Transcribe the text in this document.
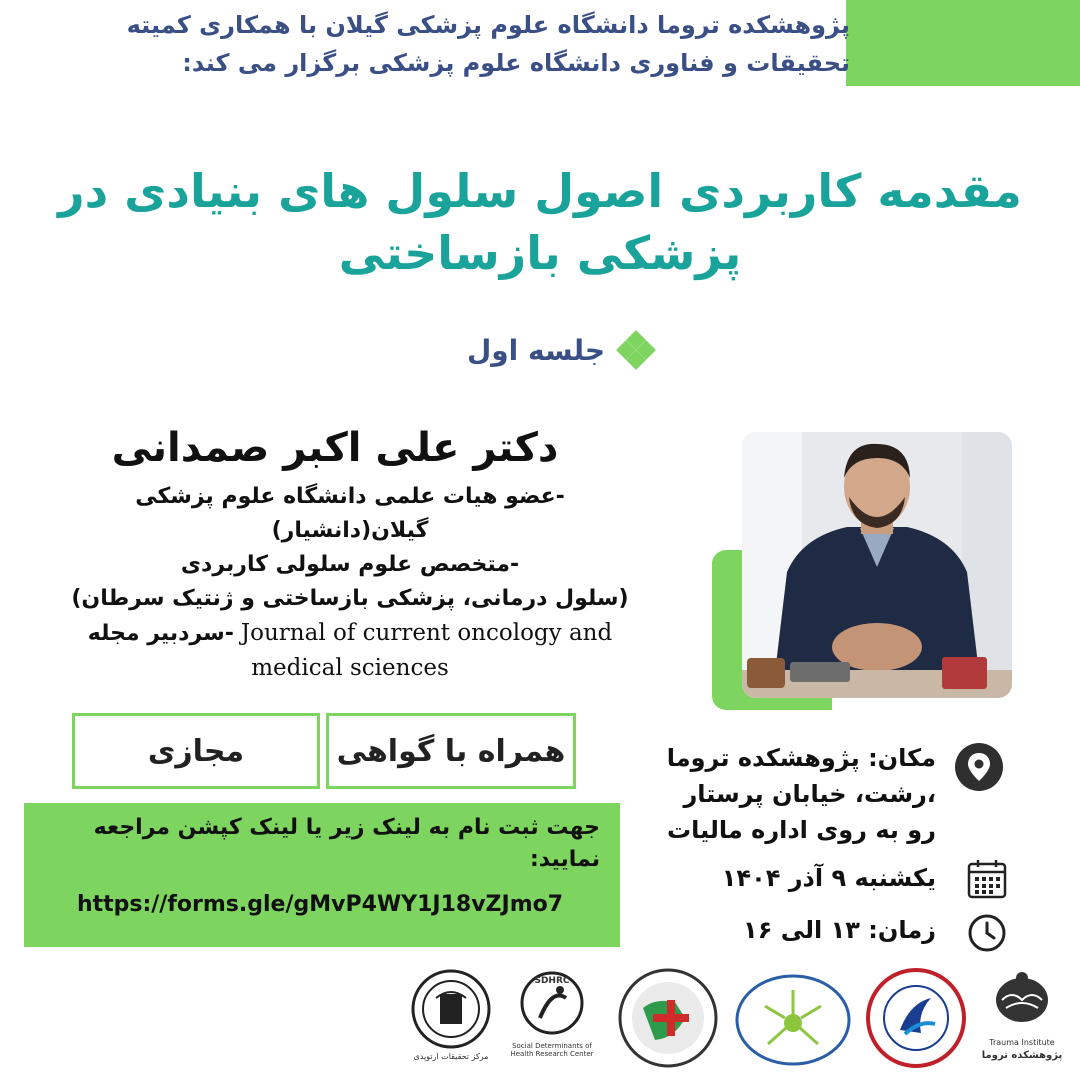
پژوهشکده تروما دانشگاه علوم پزشکی گیلان با همکاری کمیته
تحقیقات و فناوری دانشگاه علوم پزشکی برگزار می کند:
مقدمه کاربردی اصول سلول های بنیادی در
پزشکی بازساختی
جلسه اول
دکتر علی اکبر صمدانی
-عضو هیات علمی دانشگاه علوم پزشکی
گیلان(دانشیار)
-متخصص علوم سلولی کاربردی
(سلول درمانی، پزشکی بازساختی و ژنتیک سرطان)
-سردبیر مجله Journal of current oncology and
medical sciences
همراه با گواهی
مجازی
جهت ثبت نام به لینک زیر یا لینک کپشن مراجعه
نمایید:
https://forms.gle/gMvP4WY1J18vZJmo7
مکان: پژوهشکده تروما
،رشت، خیابان پرستار
رو به روی اداره مالیات
یکشنبه ۹ آذر ۱۴۰۴
زمان: ۱۳ الی ۱۶
Trauma Institute
پژوهشکده تروما
SDHRC
Social Determinants of Health Research Center
مرکز تحقیقات ارتوپدی
